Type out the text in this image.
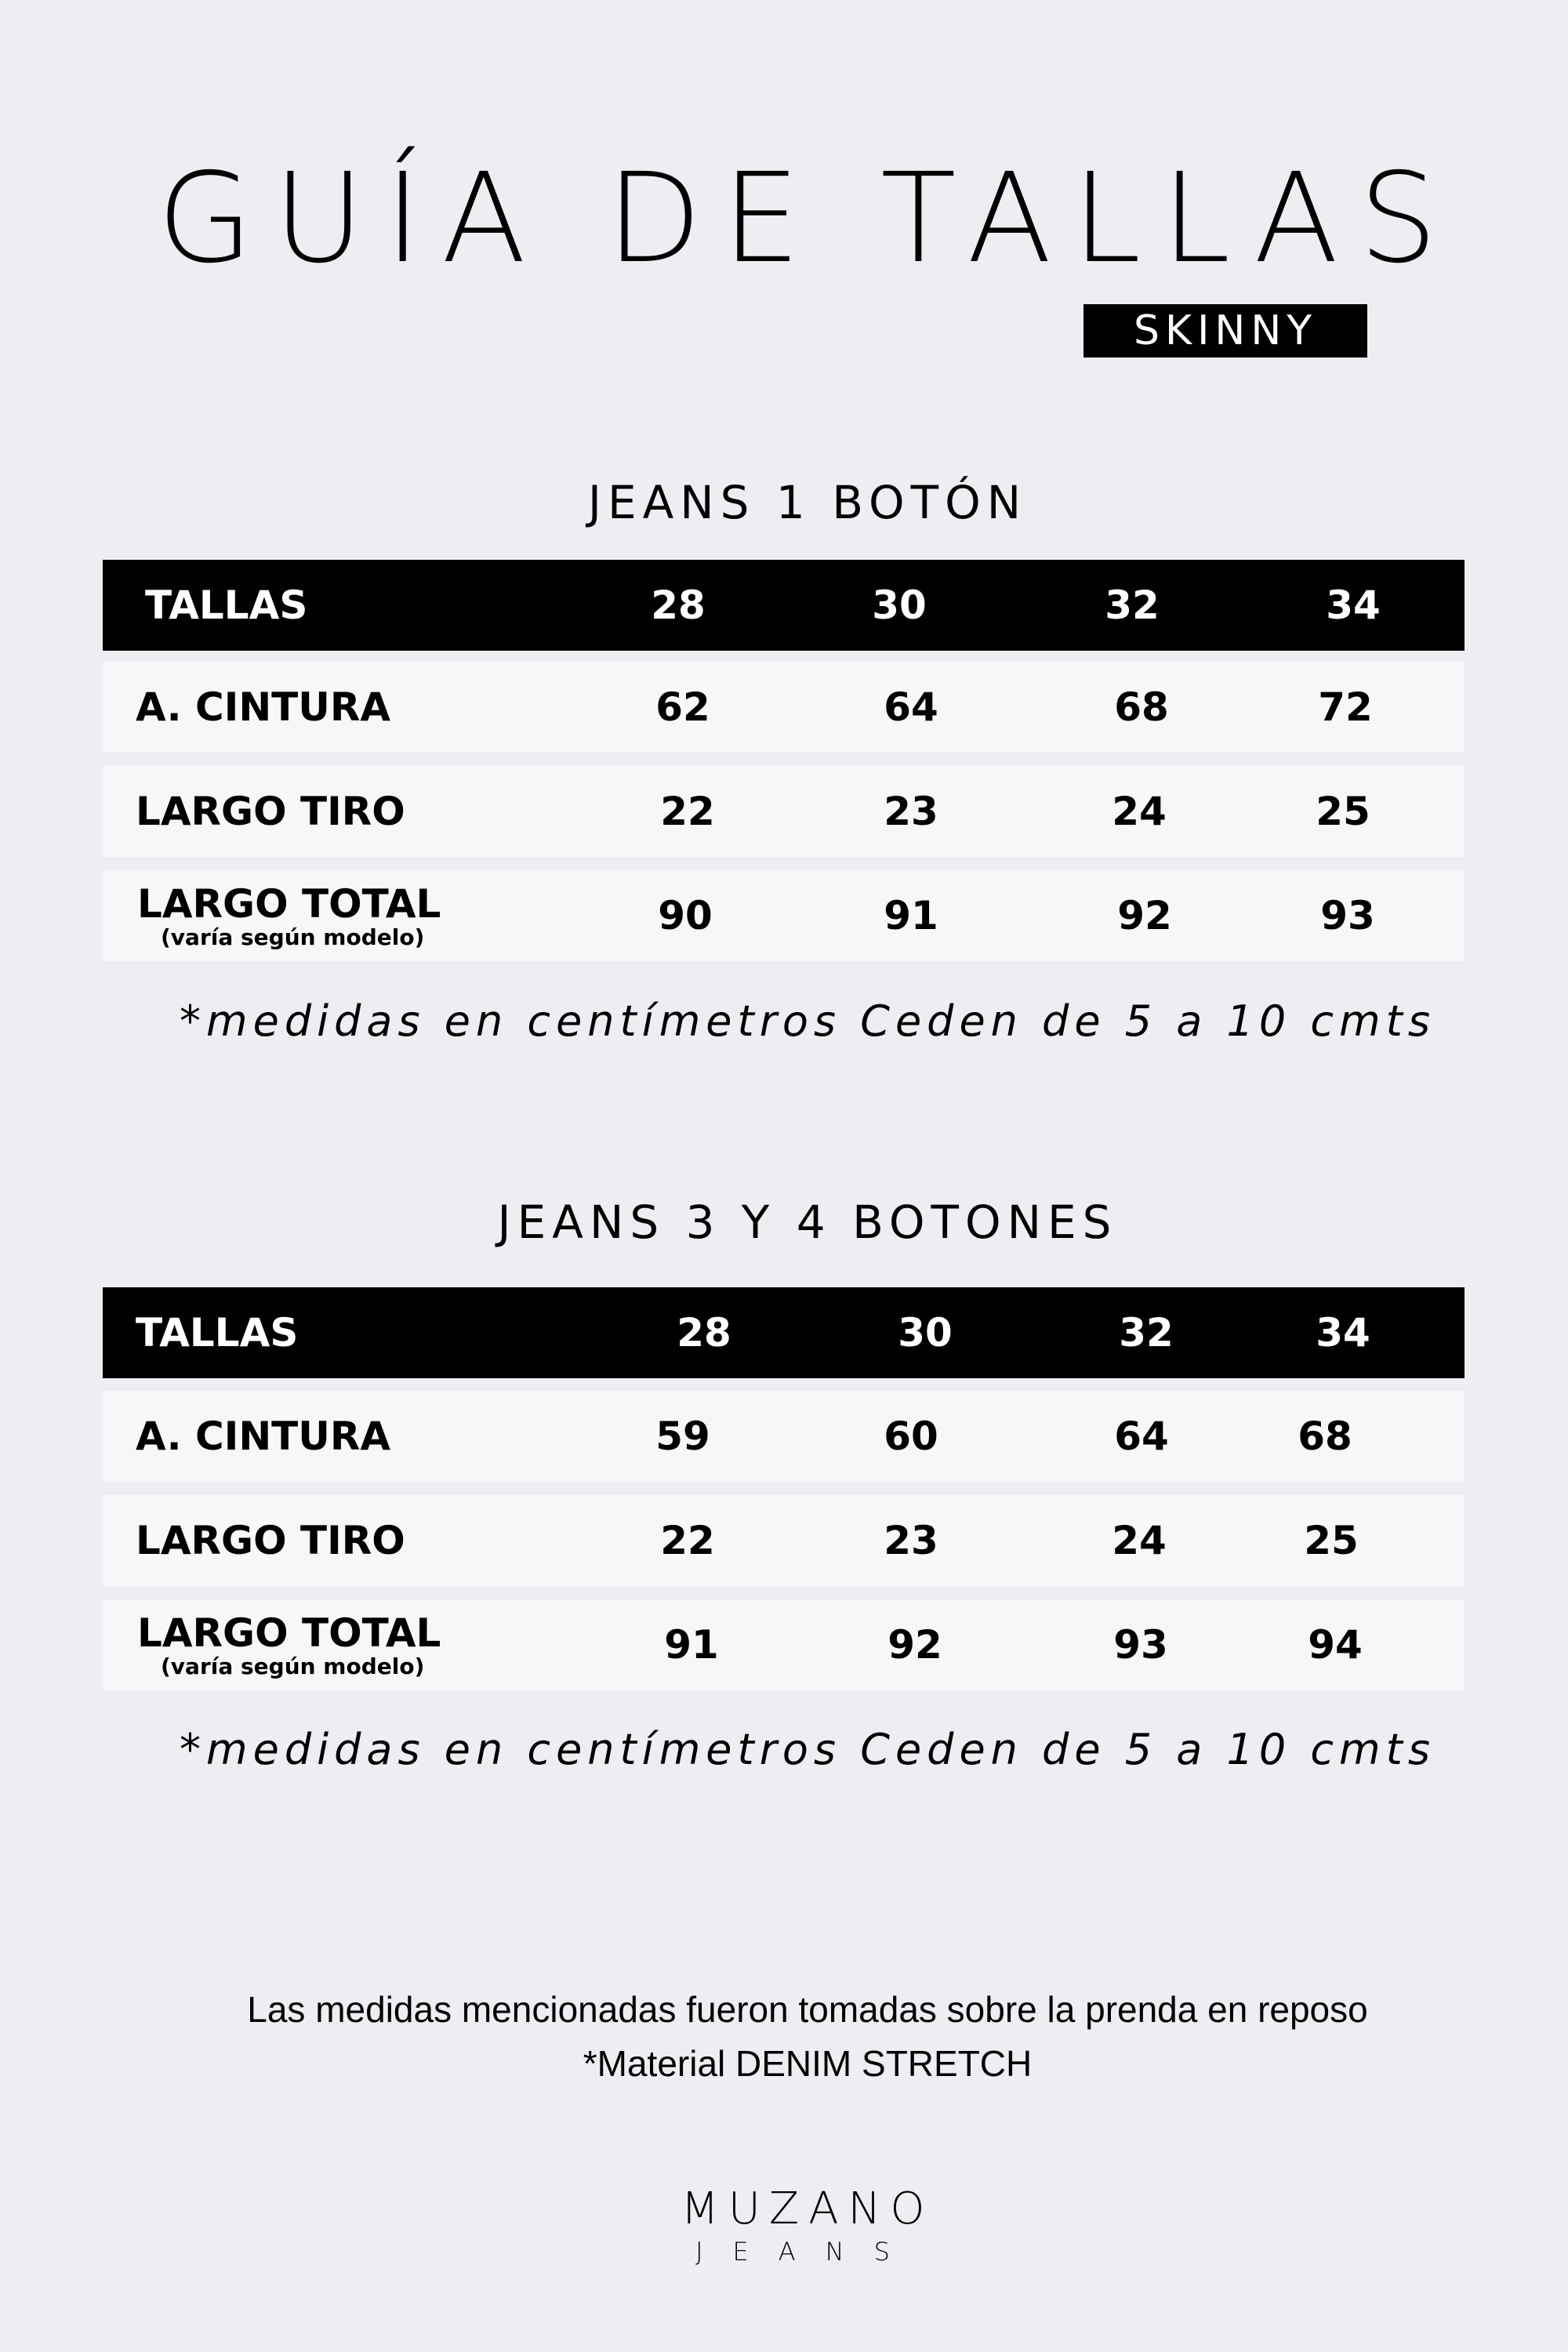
GUÍA DE TALLAS
SKINNY
JEANS 1 BOTÓN
TALLAS	28	30	32	34
A. CINTURA	62	64	68	72
LARGO TIRO	22	23	24	25
LARGO TOTAL
(varía según modelo)	90	91	92	93
*medidas en centímetros Ceden de 5 a 10 cmts
JEANS 3 Y 4 BOTONES
TALLAS	28	30	32	34
A. CINTURA	59	60	64	68
LARGO TIRO	22	23	24	25
LARGO TOTAL
(varía según modelo)	91	92	93	94
*medidas en centímetros Ceden de 5 a 10 cmts
Las medidas mencionadas fueron tomadas sobre la prenda en reposo
*Material DENIM STRETCH
MUZANO
JEANS
